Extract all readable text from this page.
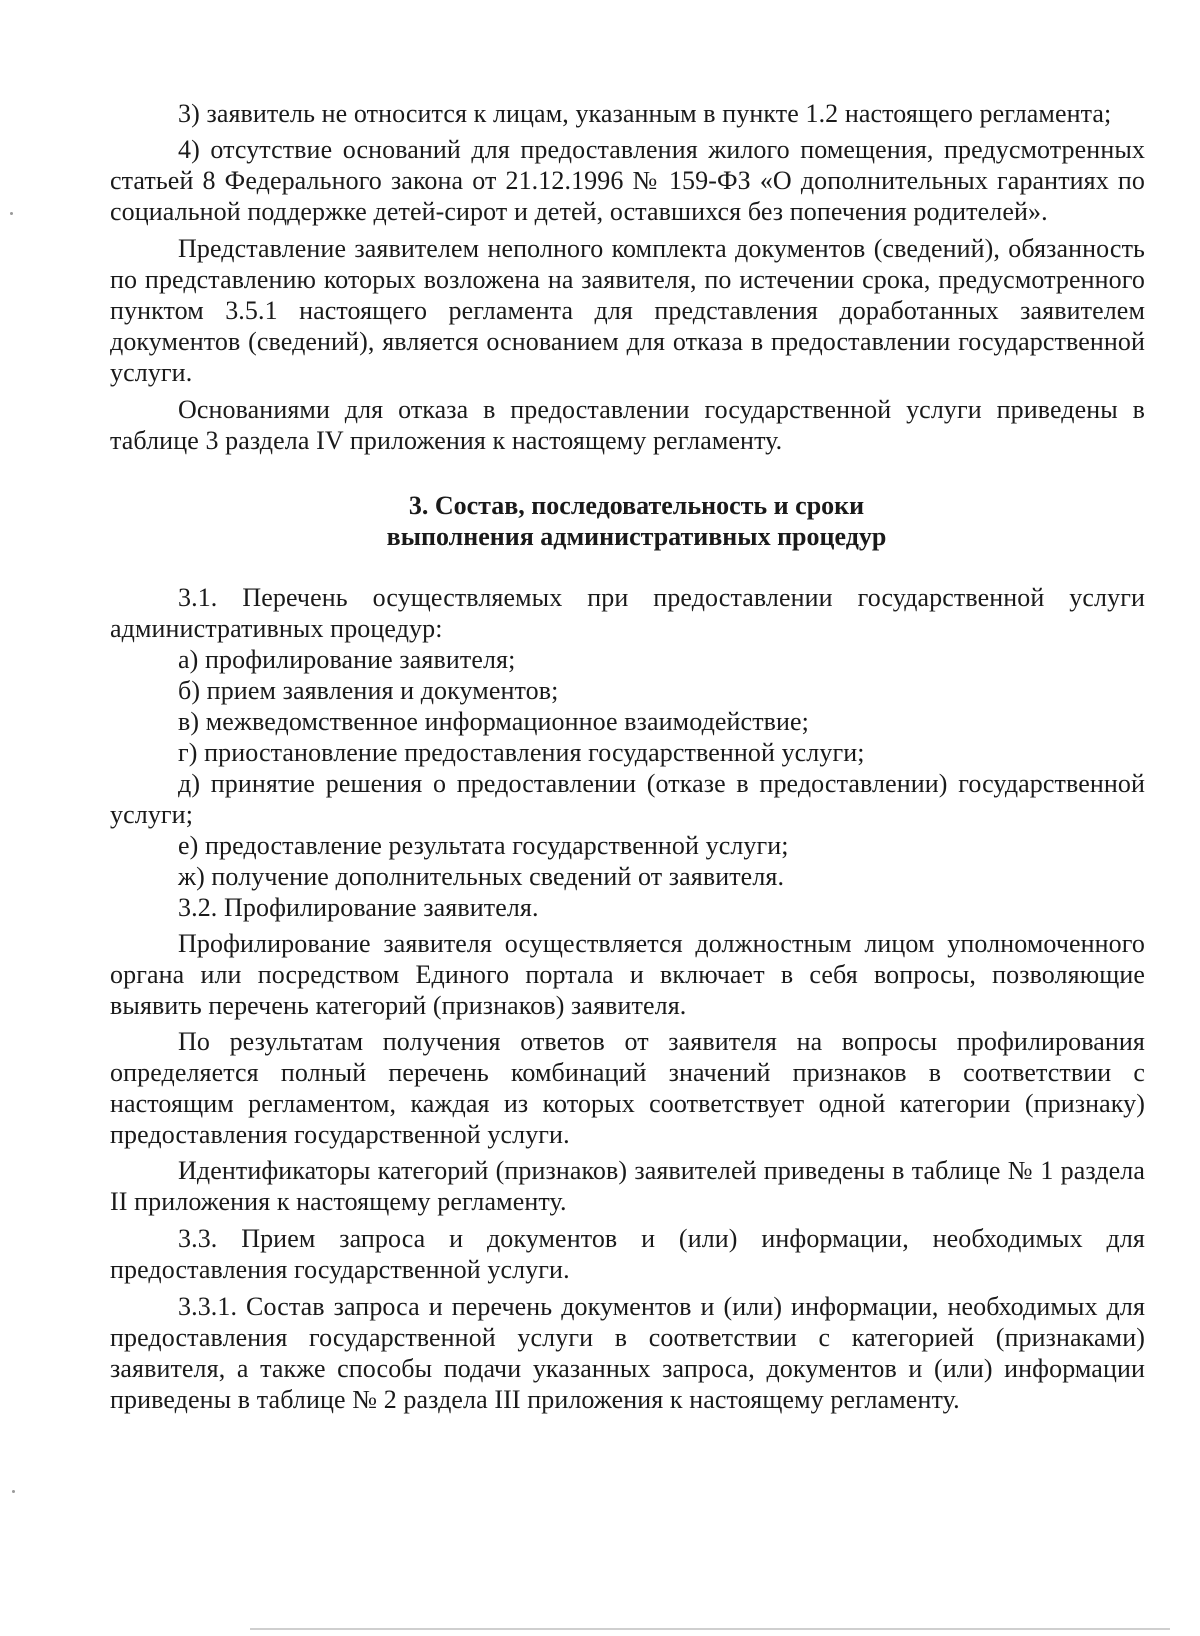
3) заявитель не относится к лицам, указанным в пункте 1.2 настоящего регламента;

4) отсутствие оснований для предоставления жилого помещения, предусмотренных статьей 8 Федерального закона от 21.12.1996 № 159-ФЗ «О дополнительных гарантиях по социальной поддержке детей-сирот и детей, оставшихся без попечения родителей».

Представление заявителем неполного комплекта документов (сведений), обязанность по представлению которых возложена на заявителя, по истечении срока, предусмотренного пунктом 3.5.1 настоящего регламента для представления доработанных заявителем документов (сведений), является основанием для отказа в предоставлении государственной услуги.

Основаниями для отказа в предоставлении государственной услуги приведены в таблице 3 раздела IV приложения к настоящему регламенту.

3. Состав, последовательность и сроки
выполнения административных процедур

3.1. Перечень осуществляемых при предоставлении государственной услуги административных процедур:

а) профилирование заявителя;

б) прием заявления и документов;

в) межведомственное информационное взаимодействие;

г) приостановление предоставления государственной услуги;

д) принятие решения о предоставлении (отказе в предоставлении) государственной услуги;

е) предоставление результата государственной услуги;

ж) получение дополнительных сведений от заявителя.

3.2. Профилирование заявителя.

Профилирование заявителя осуществляется должностным лицом уполномоченного органа или посредством Единого портала и включает в себя вопросы, позволяющие выявить перечень категорий (признаков) заявителя.

По результатам получения ответов от заявителя на вопросы профилирования определяется полный перечень комбинаций значений признаков в соответствии с настоящим регламентом, каждая из которых соответствует одной категории (признаку) предоставления государственной услуги.

Идентификаторы категорий (признаков) заявителей приведены в таблице № 1 раздела II приложения к настоящему регламенту.

3.3. Прием запроса и документов и (или) информации, необходимых для предоставления государственной услуги.

3.3.1. Состав запроса и перечень документов и (или) информации, необходимых для предоставления государственной услуги в соответствии с категорией (признаками) заявителя, а также способы подачи указанных запроса, документов и (или) информации приведены в таблице № 2 раздела III приложения к настоящему регламенту.
